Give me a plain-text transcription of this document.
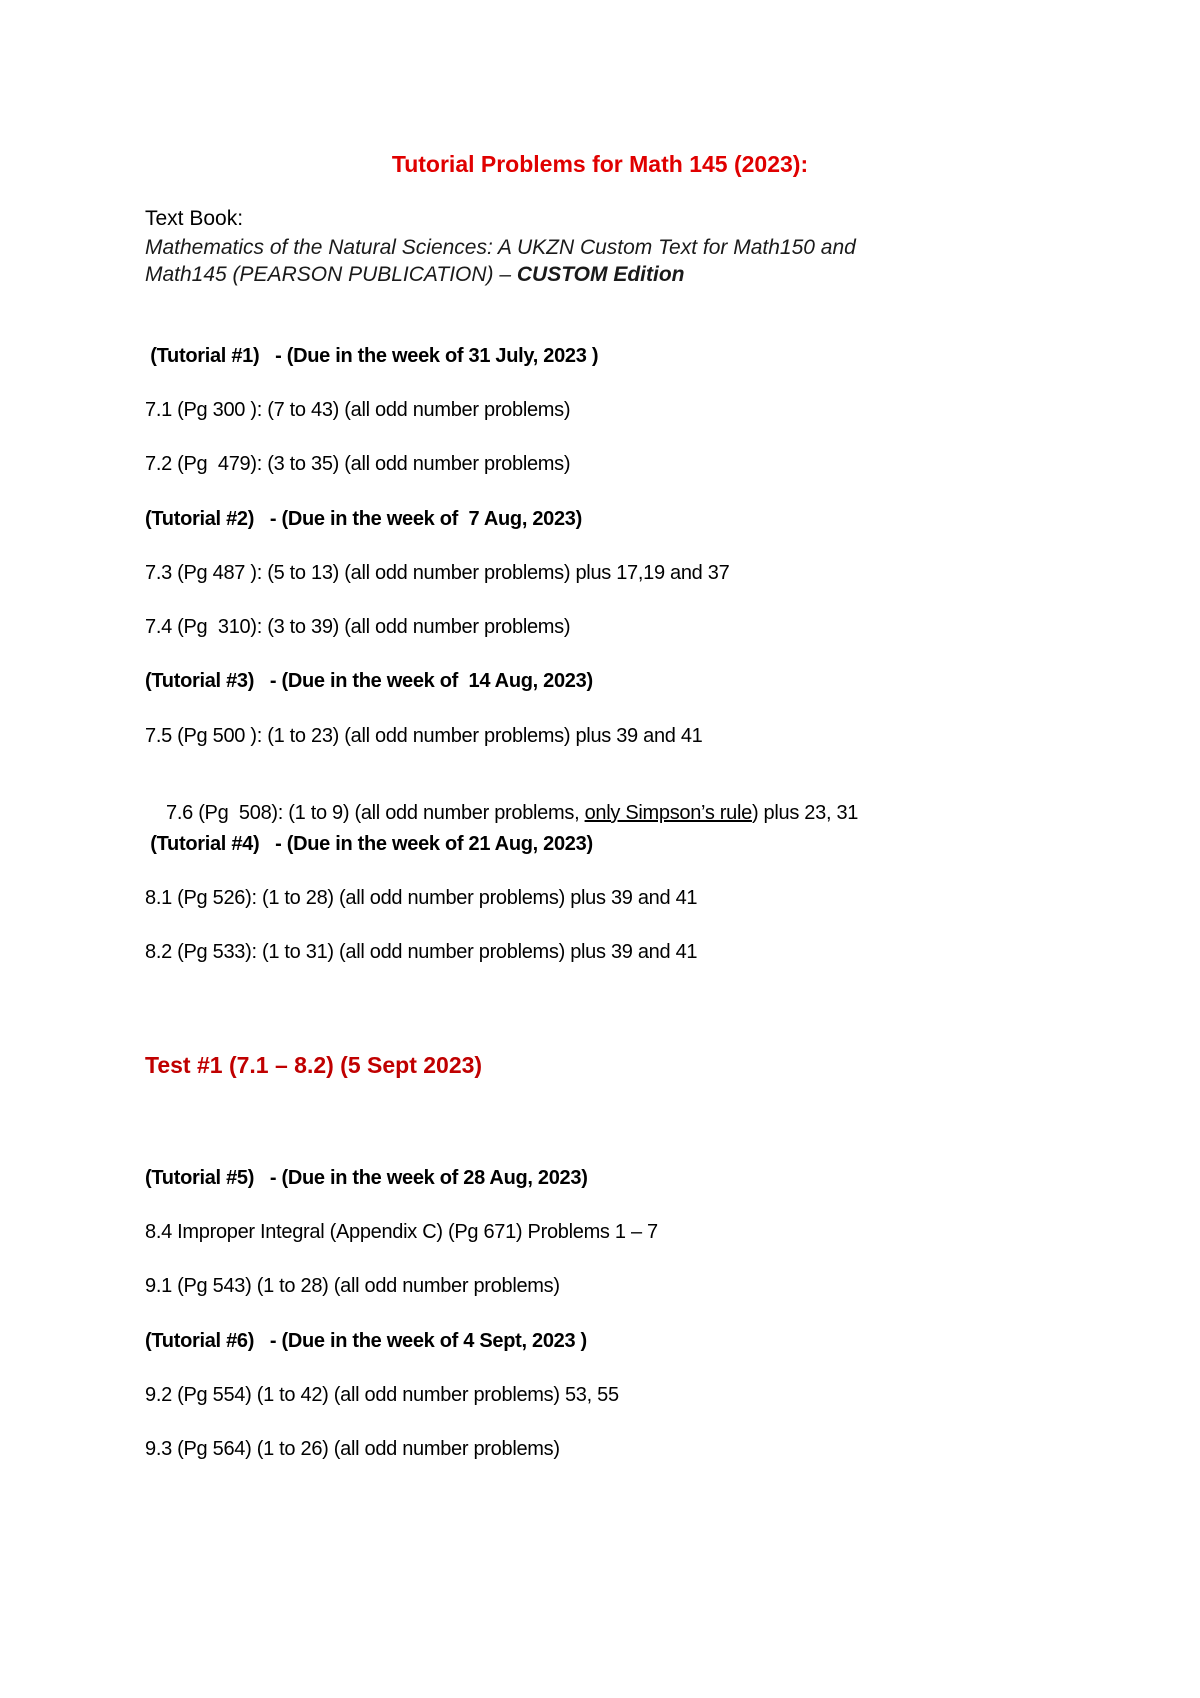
Tutorial Problems for Math 145 (2023):
Text Book:
Mathematics of the Natural Sciences: A UKZN Custom Text for Math150 and
Math145 (PEARSON PUBLICATION) – CUSTOM Edition
(Tutorial #1)   - (Due in the week of 31 July, 2023 )
7.1 (Pg 300 ): (7 to 43) (all odd number problems)
7.2 (Pg  479): (3 to 35) (all odd number problems)
(Tutorial #2)   - (Due in the week of  7 Aug, 2023)
7.3 (Pg 487 ): (5 to 13) (all odd number problems) plus 17,19 and 37
7.4 (Pg  310): (3 to 39) (all odd number problems)
(Tutorial #3)   - (Due in the week of  14 Aug, 2023)
7.5 (Pg 500 ): (1 to 23) (all odd number problems) plus 39 and 41

7.6 (Pg  508): (1 to 9) (all odd number problems, only Simpson’s rule) plus 23, 31

(Tutorial #4)   - (Due in the week of 21 Aug, 2023)
8.1 (Pg 526): (1 to 28) (all odd number problems) plus 39 and 41
8.2 (Pg 533): (1 to 31) (all odd number problems) plus 39 and 41
Test #1 (7.1 – 8.2) (5 Sept 2023)
(Tutorial #5)   - (Due in the week of 28 Aug, 2023)
8.4 Improper Integral (Appendix C) (Pg 671) Problems 1 – 7
9.1 (Pg 543) (1 to 28) (all odd number problems)
(Tutorial #6)   - (Due in the week of 4 Sept, 2023 )
9.2 (Pg 554) (1 to 42) (all odd number problems) 53, 55
9.3 (Pg 564) (1 to 26) (all odd number problems)
